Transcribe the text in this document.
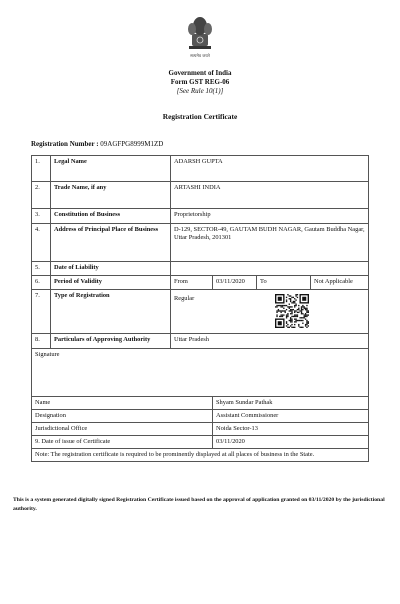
सत्यमेव जयते
Government of India
Form GST REG-06
[See Rule 10(1)]
Registration Certificate
Registration Number : 09AGFPG8999M1ZD
1.	Legal Name	ADARSH GUPTA			
2.	Trade Name, if any	ARTASHI INDIA			
3.	Constitution of Business	Proprietorship			
4.	Address of Principal Place of Business	D-129, SECTOR-49, GAUTAM BUDH NAGAR, Gautam Buddha Nagar, Uttar Pradesh, 201301			
5.	Date of Liability				
6.	Period of Validity	From	03/11/2020	To	Not Applicable
7.	Type of Registration	Regular			

8.	Particulars of Approving Authority	Uttar Pradesh			
Signature					
Name			Shyam Sundar Pathak		
Designation			Assistant Commissioner		
Jurisdictional Office			Noida Sector-13		
9. Date of issue of Certificate			03/11/2020		
Note: The registration certificate is required to be prominently displayed at all places of business in the State.					
This is a system generated digitally signed Registration Certificate issued based on the approval of application granted on 03/11/2020 by the jurisdictional authority.
